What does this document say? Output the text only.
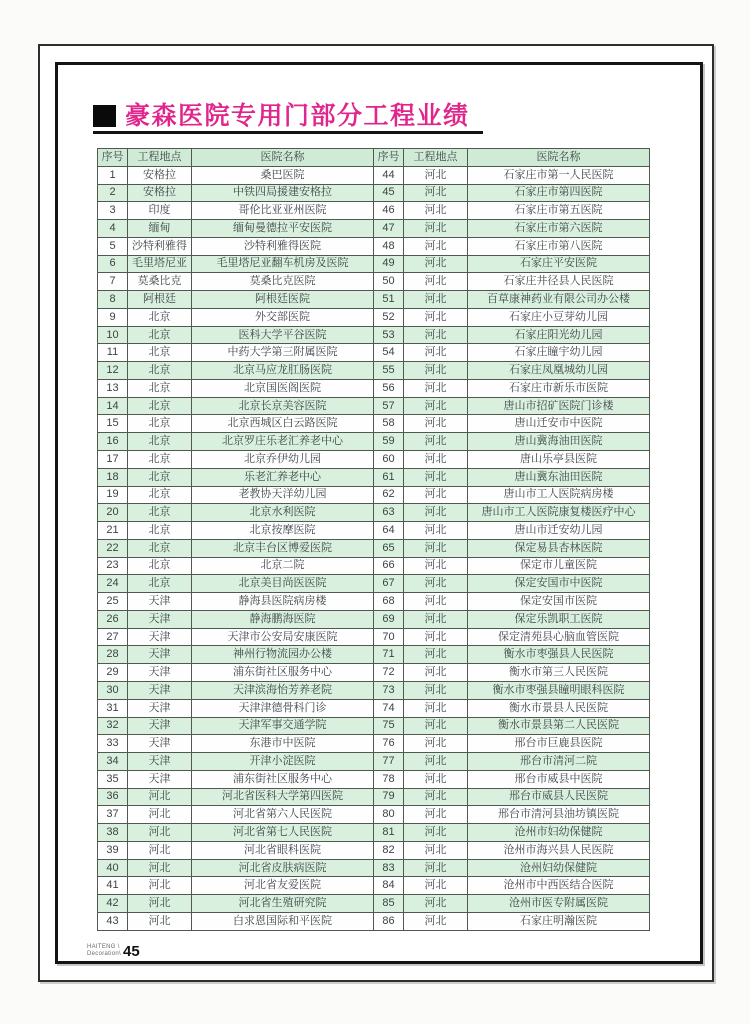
豪森医院专用门部分工程业绩
序号	工程地点	医院名称	序号	工程地点	医院名称
1	安格拉	桑巴医院	44	河北	石家庄市第一人民医院
2	安格拉	中铁四局援建安格拉	45	河北	石家庄市第四医院
3	印度	哥伦比亚亚州医院	46	河北	石家庄市第五医院
4	缅甸	缅甸曼德拉平安医院	47	河北	石家庄市第六医院
5	沙特利雅得	沙特利雅得医院	48	河北	石家庄市第八医院
6	毛里塔尼亚	毛里塔尼亚翻车机房及医院	49	河北	石家庄平安医院
7	莫桑比克	莫桑比克医院	50	河北	石家庄井径县人民医院
8	阿根廷	阿根廷医院	51	河北	百草康神药业有限公司办公楼
9	北京	外交部医院	52	河北	石家庄小豆芽幼儿园
10	北京	医科大学平谷医院	53	河北	石家庄阳光幼儿园
11	北京	中药大学第三附属医院	54	河北	石家庄瞳宇幼儿园
12	北京	北京马应龙肛肠医院	55	河北	石家庄凤凰城幼儿园
13	北京	北京国医阁医院	56	河北	石家庄市新乐市医院
14	北京	北京长京美容医院	57	河北	唐山市招矿医院门诊楼
15	北京	北京西城区白云路医院	58	河北	唐山迁安市中医院
16	北京	北京罗庄乐老汇养老中心	59	河北	唐山冀海油田医院
17	北京	北京乔伊幼儿园	60	河北	唐山乐亭县医院
18	北京	乐老汇养老中心	61	河北	唐山冀东油田医院
19	北京	老教协天洋幼儿园	62	河北	唐山市工人医院病房楼
20	北京	北京水利医院	63	河北	唐山市工人医院康复楼医疗中心
21	北京	北京按摩医院	64	河北	唐山市迁安幼儿园
22	北京	北京丰台区博爱医院	65	河北	保定易县杏林医院
23	北京	北京二院	66	河北	保定市儿童医院
24	北京	北京美目尚医医院	67	河北	保定安国市中医院
25	天津	静海县医院病房楼	68	河北	保定安国市医院
26	天津	静海鹏海医院	69	河北	保定乐凯职工医院
27	天津	天津市公安局安康医院	70	河北	保定清苑县心脑血管医院
28	天津	神州行物流园办公楼	71	河北	衡水市枣强县人民医院
29	天津	浦东街社区服务中心	72	河北	衡水市第三人民医院
30	天津	天津滨海怡芳养老院	73	河北	衡水市枣强县瞳明眼科医院
31	天津	天津津德骨科门诊	74	河北	衡水市景县人民医院
32	天津	天津军事交通学院	75	河北	衡水市景县第二人民医院
33	天津	东港市中医院	76	河北	邢台市巨鹿县医院
34	天津	开津小淀医院	77	河北	邢台市清河二院
35	天津	浦东街社区服务中心	78	河北	邢台市威县中医院
36	河北	河北省医科大学第四医院	79	河北	邢台市威县人民医院
37	河北	河北省第六人民医院	80	河北	邢台市清河县油坊镇医院
38	河北	河北省第七人民医院	81	河北	沧州市妇幼保健院
39	河北	河北省眼科医院	82	河北	沧州市海兴县人民医院
40	河北	河北省皮肤病医院	83	河北	沧州妇幼保健院
41	河北	河北省友爱医院	84	河北	沧州市中西医结合医院
42	河北	河北省生殖研究院	85	河北	沧州市医专附属医院
43	河北	白求恩国际和平医院	86	河北	石家庄明瀚医院
HAITENG \
Decoration\ 45
